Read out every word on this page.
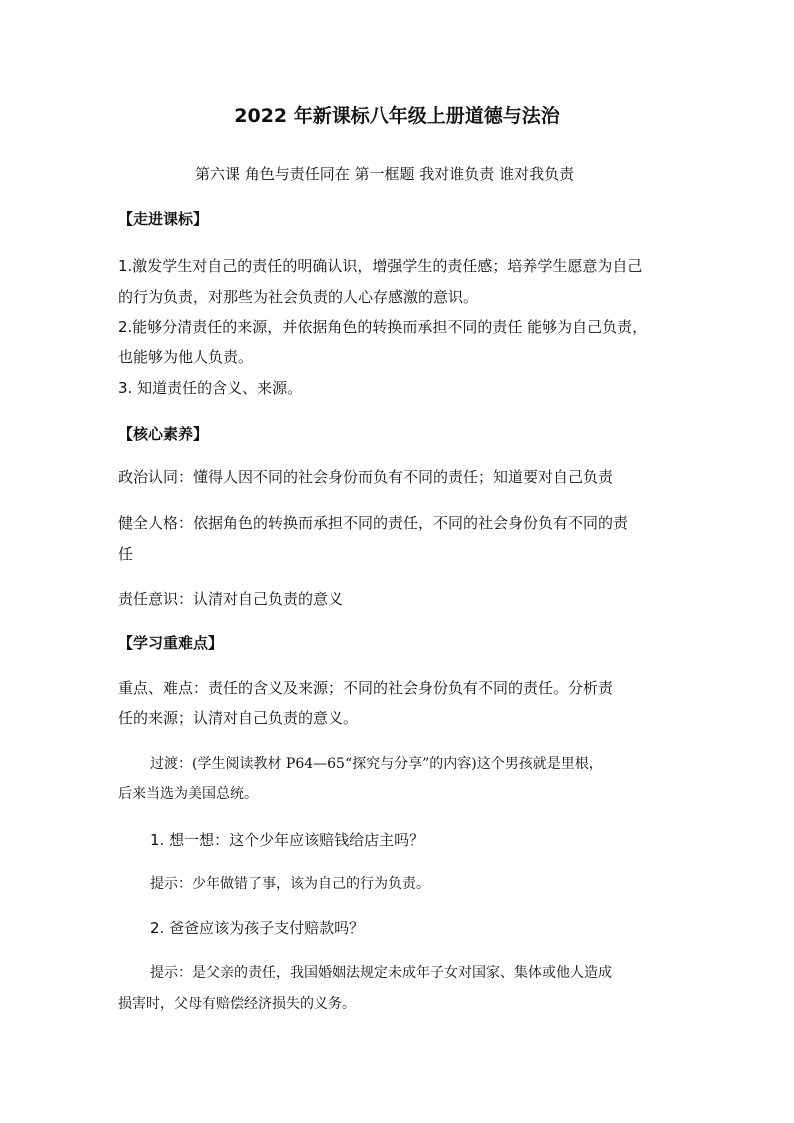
2022 年新课标八年级上册道德与法治
第六课 角色与责任同在 第一框题 我对谁负责 谁对我负责
【走进课标】
1.激发学生对自己的责任的明确认识，增强学生的责任感；培养学生愿意为自己
的行为负责，对那些为社会负责的人心存感激的意识。
2.能够分清责任的来源，并依据角色的转换而承担不同的责任 能够为自己负责，
也能够为他人负责。
3. 知道责任的含义、来源。
【核心素养】
政治认同：懂得人因不同的社会身份而负有不同的责任；知道要对自己负责
健全人格：依据角色的转换而承担不同的责任，不同的社会身份负有不同的责
任
责任意识：认清对自己负责的意义
【学习重难点】
重点、难点：责任的含义及来源；不同的社会身份负有不同的责任。分析责
任的来源；认清对自己负责的意义。
过渡：(学生阅读教材 P64—65“探究与分享”的内容)这个男孩就是里根，
后来当选为美国总统。
1. 想一想：这个少年应该赔钱给店主吗？
提示：少年做错了事，该为自己的行为负责。
2. 爸爸应该为孩子支付赔款吗？
提示：是父亲的责任，我国婚姻法规定未成年子女对国家、集体或他人造成
损害时，父母有赔偿经济损失的义务。
